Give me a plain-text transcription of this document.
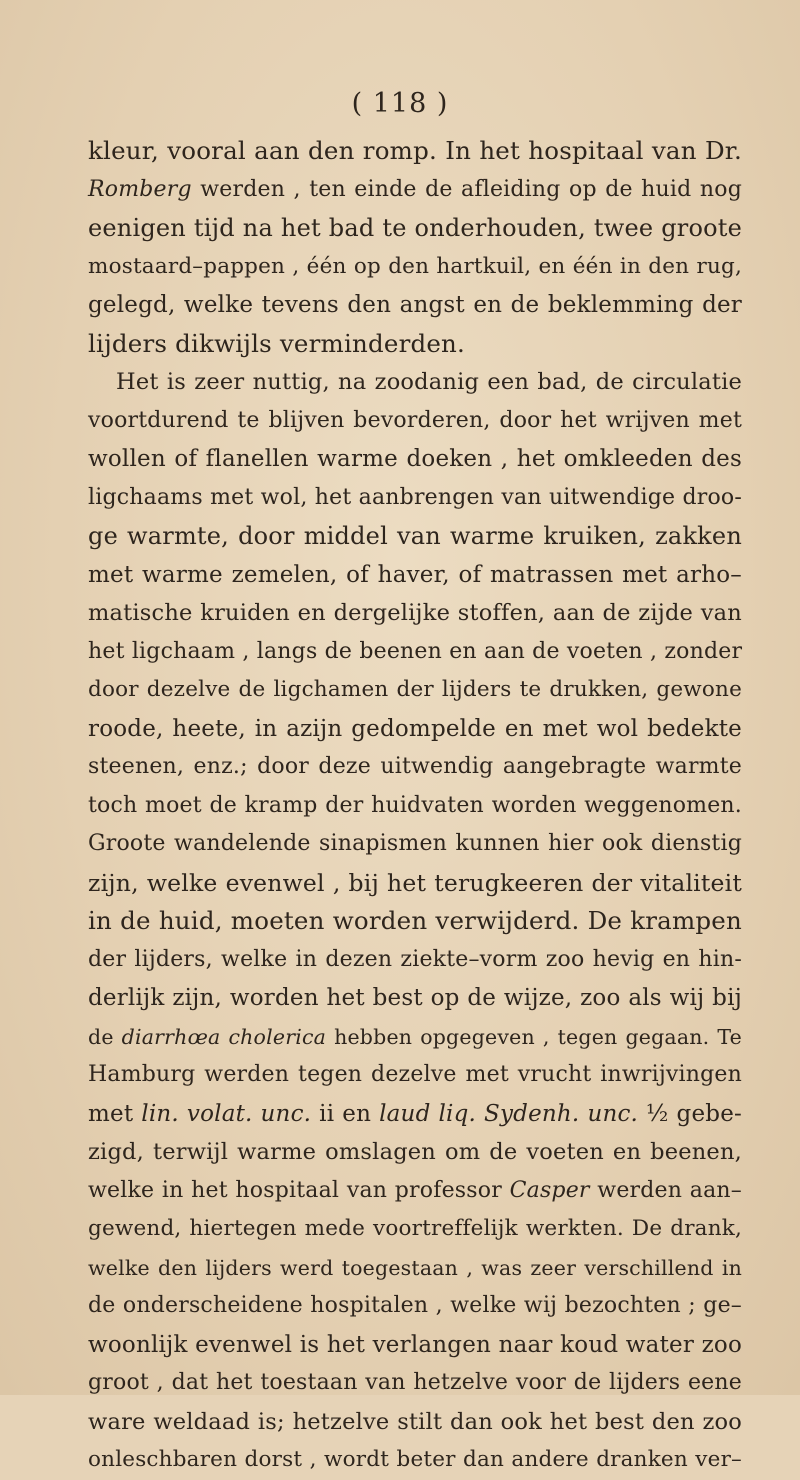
( 118 )
kleur, vooral aan den romp. In het hospitaal van Dr.
Romberg werden , ten einde de afleiding op de huid nog
eenigen tijd na het bad te onderhouden, twee groote
mostaard–pappen , één op den hartkuil, en één in den rug,
gelegd, welke tevens den angst en de beklemming der
lijders dikwijls verminderden.
Het is zeer nuttig, na zoodanig een bad, de circulatie
voortdurend te blijven bevorderen, door het wrijven met
wollen of flanellen warme doeken , het omkleeden des
ligchaams met wol, het aanbrengen van uitwendige droo-
ge warmte, door middel van warme kruiken, zakken
met warme zemelen, of haver, of matrassen met arho–
matische kruiden en dergelijke stoffen, aan de zijde van
het ligchaam , langs de beenen en aan de voeten , zonder
door dezelve de ligchamen der lijders te drukken, gewone
roode, heete, in azijn gedompelde en met wol bedekte
steenen, enz.; door deze uitwendig aangebragte warmte
toch moet de kramp der huidvaten worden weggenomen.
Groote wandelende sinapismen kunnen hier ook dienstig
zijn, welke evenwel , bij het terugkeeren der vitaliteit
in de huid, moeten worden verwijderd. De krampen
der lijders, welke in dezen ziekte–vorm zoo hevig en hin-
derlijk zijn, worden het best op de wijze, zoo als wij bij
de diarrhœa cholerica hebben opgegeven , tegen gegaan. Te
Hamburg werden tegen dezelve met vrucht inwrijvingen
met lin. volat. unc. ii en laud liq. Sydenh. unc. ½ gebe-
zigd, terwijl warme omslagen om de voeten en beenen,
welke in het hospitaal van professor Casper werden aan–
gewend, hiertegen mede voortreffelijk werkten. De drank,
welke den lijders werd toegestaan , was zeer verschillend in
de onderscheidene hospitalen , welke wij bezochten ; ge–
woonlijk evenwel is het verlangen naar koud water zoo
groot , dat het toestaan van hetzelve voor de lijders eene
ware weldaad is; hetzelve stilt dan ook het best den zoo
onleschbaren dorst , wordt beter dan andere dranken ver–
